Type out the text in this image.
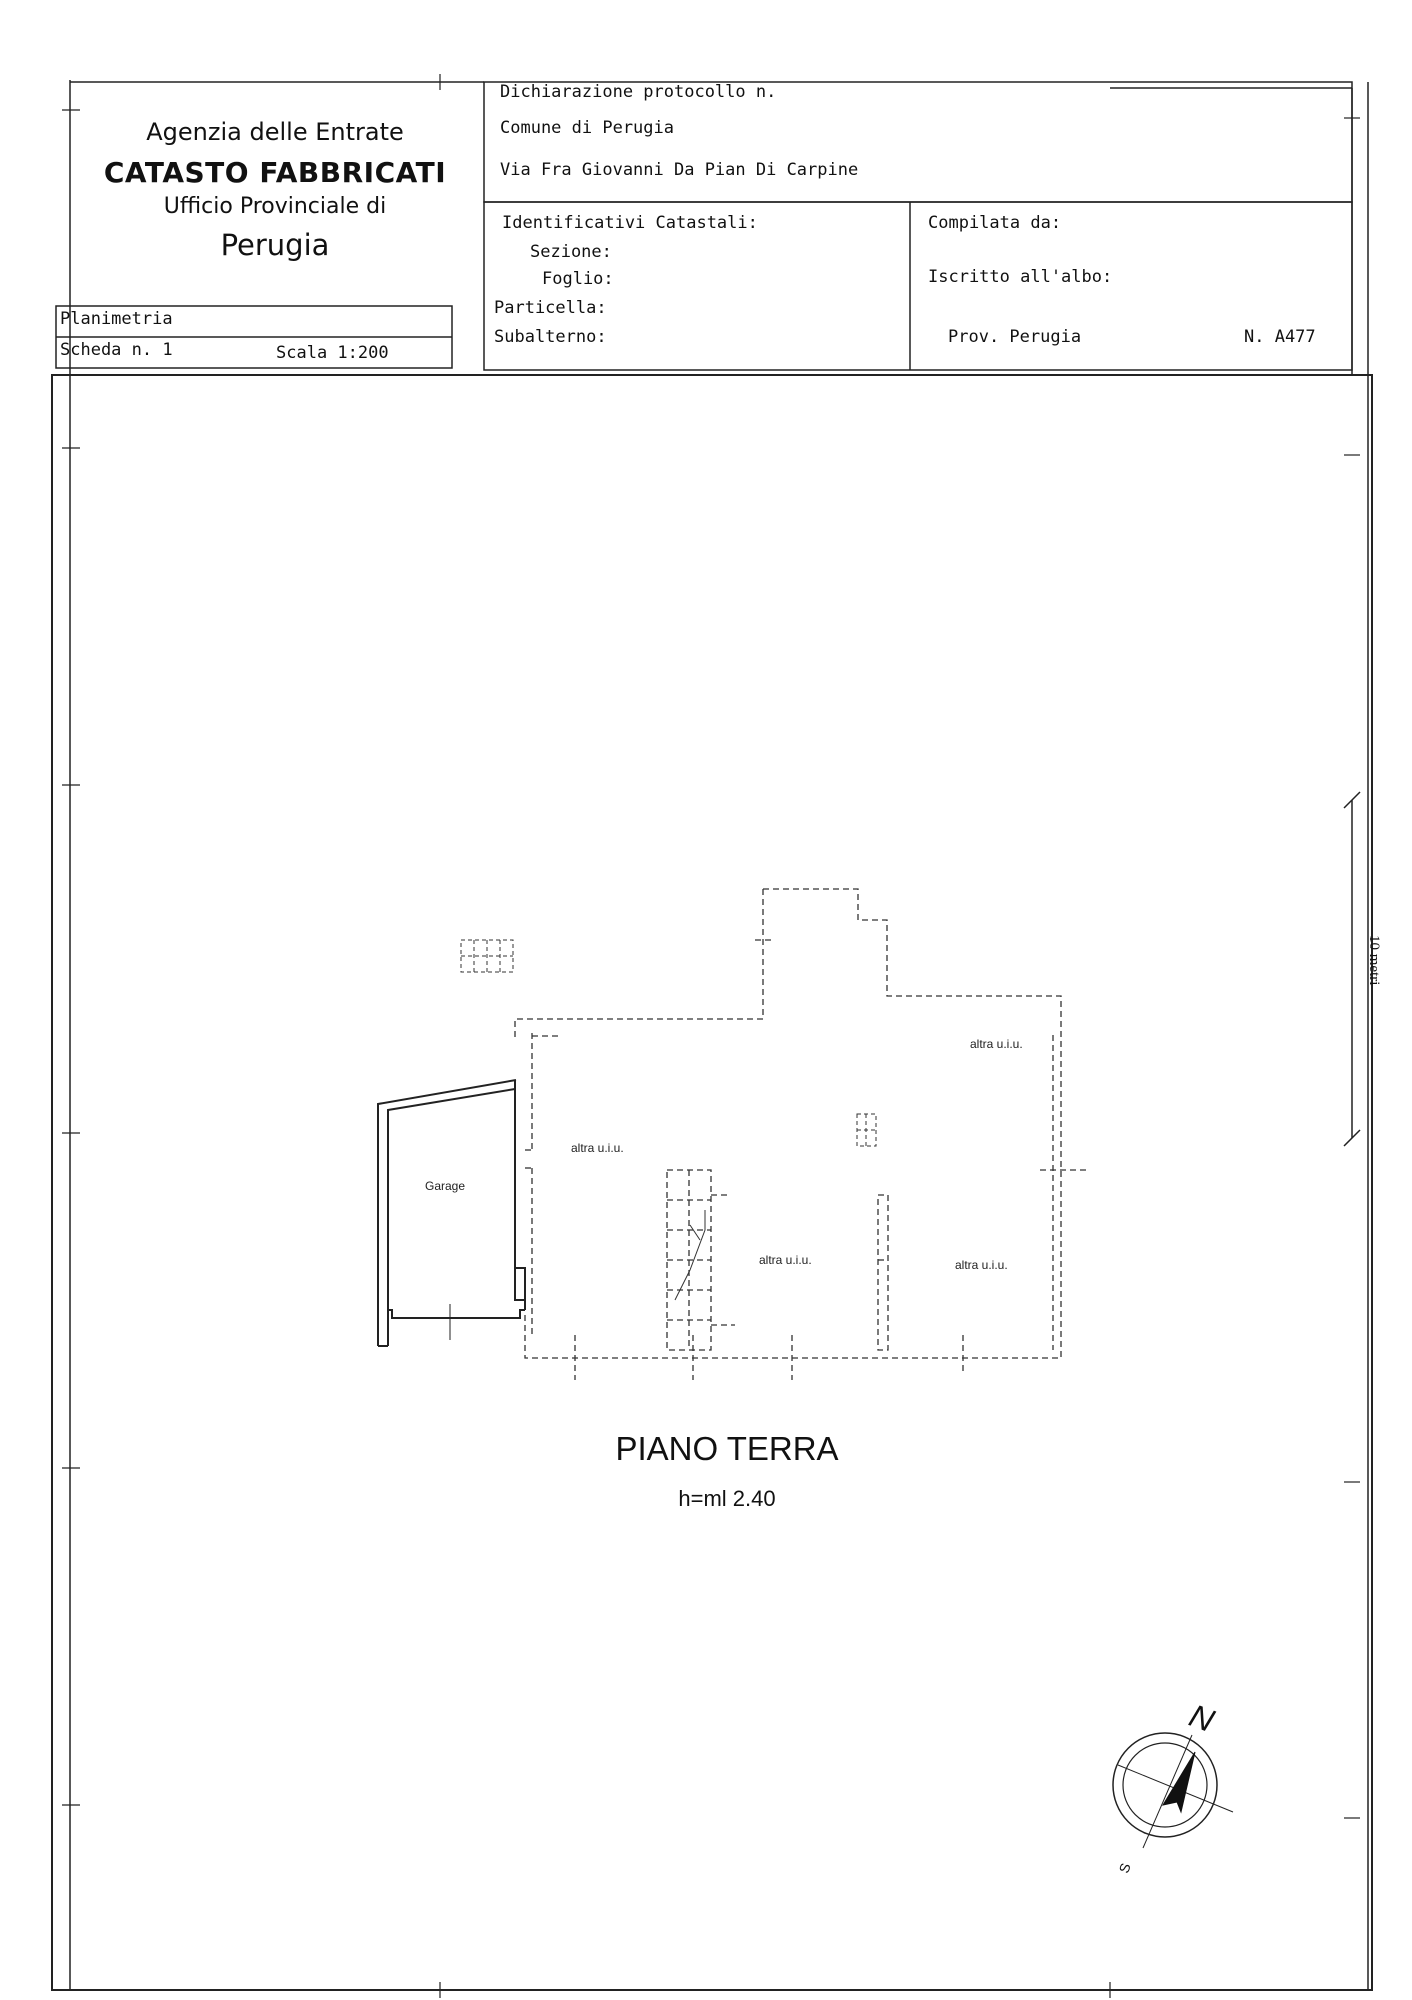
Agenzia delle Entrate
CATASTO FABBRICATI
Ufficio Provinciale di
Perugia
Dichiarazione protocollo n.
Comune di Perugia
Via Fra Giovanni Da Pian Di Carpine
Planimetria
Scheda n. 1	Scala 1:200
Identificativi Catastali:
Sezione:
Foglio:
Particella:
Subalterno:
Compilata da:
Iscritto all'albo:
Prov. Perugia	N. A477
Garage
altra u.i.u.
altra u.i.u.
altra u.i.u.	altra u.i.u.
PIANO TERRA
h=ml 2.40
10 metri
N
S
